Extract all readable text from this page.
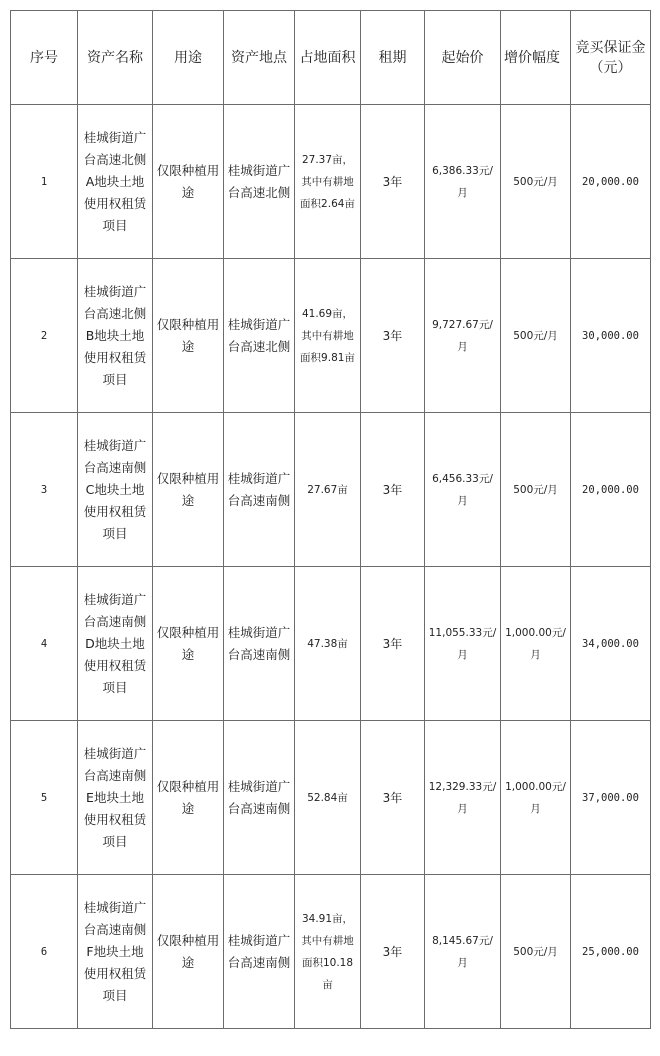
序号	资产名称	用途	资产地点	占地面积	租期	起始价	增价幅度	竞买保证金（元）
1	桂城街道广台高速北侧A地块土地使用权租赁项目	仅限种植用途	桂城街道广台高速北侧	27.37亩，其中有耕地面积2.64亩	3年	6,386.33元/月	500元/月	20,000.00
2	桂城街道广台高速北侧B地块土地使用权租赁项目	仅限种植用途	桂城街道广台高速北侧	41.69亩，其中有耕地面积9.81亩	3年	9,727.67元/月	500元/月	30,000.00
3	桂城街道广台高速南侧C地块土地使用权租赁项目	仅限种植用途	桂城街道广台高速南侧	27.67亩	3年	6,456.33元/月	500元/月	20,000.00
4	桂城街道广台高速南侧D地块土地使用权租赁项目	仅限种植用途	桂城街道广台高速南侧	47.38亩	3年	11,055.33元/月	1,000.00元/月	34,000.00
5	桂城街道广台高速南侧E地块土地使用权租赁项目	仅限种植用途	桂城街道广台高速南侧	52.84亩	3年	12,329.33元/月	1,000.00元/月	37,000.00
6	桂城街道广台高速南侧F地块土地使用权租赁项目	仅限种植用途	桂城街道广台高速南侧	34.91亩，其中有耕地面积10.18亩	3年	8,145.67元/月	500元/月	25,000.00
